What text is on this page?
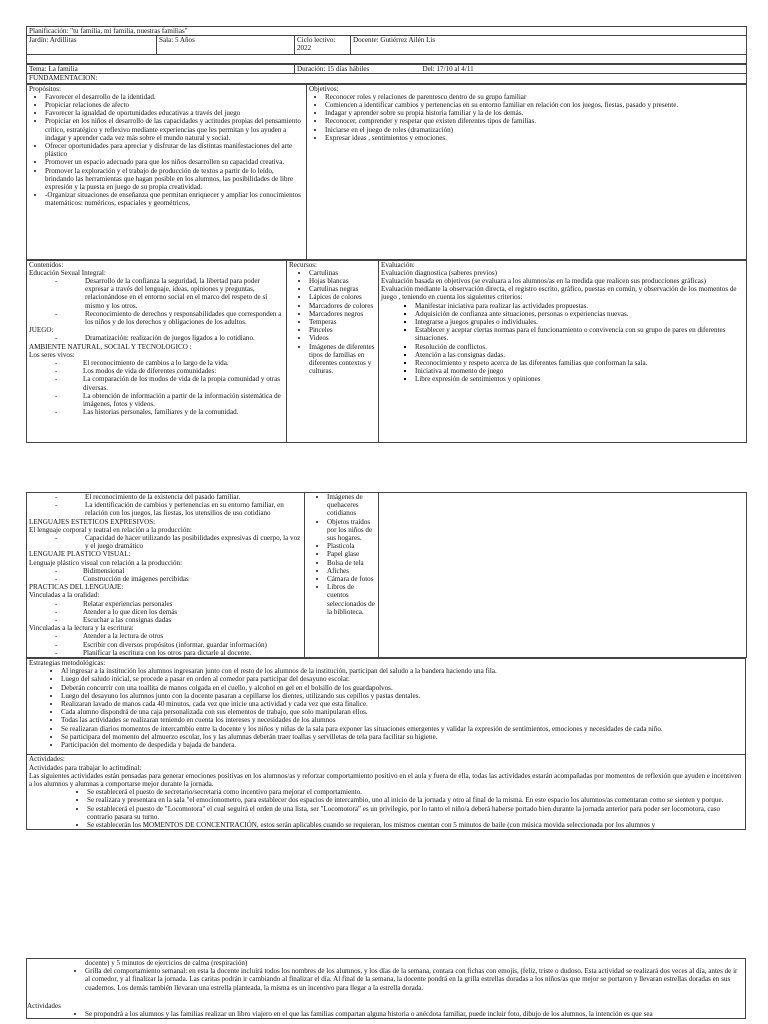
Planificación: "tu familia, mi familia, nuestras familias"
Jardín: Ardillitas	Sala: 5 Años	Ciclo lectivo: 2022	Docente: Gutiérrez Ailén Lis

Tema: La familia	Duración: 15 días hábiles	Del: 17/10 al 4/11
FUNDAMENTACION:
Propósitos:
• Favorecer el desarrollo de la identidad.
• Propiciar relaciones de afecto
• Favorecer la igualdad de oportunidades educativas a través del juego
• Propiciar en los niños el desarrollo de las capacidades y actitudes propias del pensamiento crítico, estratégico y reflexivo mediante experiencias que les permitan y los ayuden a indagar y aprender cada vez más sobre el mundo natural y social.
• Ofrecer oportunidades para apreciar y disfrutar de las distintas manifestaciones del arte plástico
• Promover un espacio adecuado para que los niños desarrollen su capacidad creativa.
• Promover la exploración y el trabajo de producción de textos a partir de lo leído, brindando las herramientas que hagan posible en los alumnos, las posibilidades de libre expresión y la puesta en juego de su propia creatividad.
• -Organizar situaciones de enseñanza que permitan enriquecer y ampliar los conocimientos matemáticos: numéricos, espaciales y geométricos,

Objetivos:
• Reconocer roles y relaciones de parentesco dentro de su grupo familiar
• Comiencen a identificar cambios y pertenencias en su entorno familiar en relación con los juegos, fiestas, pasado y presente.
• Indagar y aprender sobre su propia historia familiar y la de los demás.
• Reconocer, comprender y respetar que existen diferentes tipos de familias.
• Iniciarse en el juego de roles (dramatización)
• Expresar ideas , sentimientos y emociones.
Contenidos:
Educación Sexual Integral:
- Desarrollo de la confianza la seguridad, la libertad para poder expresar a través del lenguaje, ideas, opiniones y preguntas, relacionándose en el entorno social en el marco del respeto de sí mismo y los otros.
- Reconocimiento de derechos y responsabilidades que corresponden a los niños y de los derechos y obligaciones de los adultos.
JUEGO:
- Dramatización: realización de juegos ligados a lo cotidiano.
AMBIENTE NATURAL, SOCIAL Y TECNOLOGICO :
Los seres vivos:
- El reconocimiento de cambios a lo largo de la vida.
- Los modos de vida de diferentes comunidades:
- La comparación de los modos de vida de la propia comunidad y otras diversas.
- La obtención de información a partir de la información sistemática de imágenes, fotos y videos.
- Las historias personales, familiares y de la comunidad.

Recursos:
• Cartulinas
• Hojas blancas
• Cartulinas negras
• Lápices de colores
• Marcadores de colores
• Marcadores negros
• Temperas
• Pinceles
• Videos
• Imágenes de diferentes tipos de familias en diferentes contextos y culturas.

Evaluación:
Evaluación diagnostica (saberes previos)
Evaluación basada en objetivos (se evaluara a los alumnos/as en la medida que realicen sus producciones gráficas)
Evaluación mediante la observación directa, el registro escrito, gráfico, puestas en común, y observación de los momentos de juego , teniendo en cuenta los siguientes criterios:
▪ Manifestar iniciativa para realizar las actividades propuestas.
▪ Adquisición de confianza ante situaciones, personas o experiencias nuevas.
▪ Integrarse a juegos grupales o individuales.
▪ Establecer y aceptar ciertas normas para el funcionamiento o convivencia con su grupo de pares en diferentes situaciones.
▪ Resolución de conflictos.
▪ Atención a las consignas dadas.
▪ Reconocimiento y respeto acerca de las diferentes familias que conforman la sala.
▪ Iniciativa al momento de juego
▪ Libre expresión de sentimientos y opiniones
- El reconocimiento de la existencia del pasado familiar.
- La identificación de cambios y pertenencias en su entorno familiar, en relación con los juegos, las fiestas, los utensilios de uso cotidiano
LENGUAJES ESTETICOS EXPRESIVOS:
El lenguaje corporal y teatral en relación a la producción:
- Capacidad de hacer utilizando las posibilidades expresivas di cuerpo, la voz y el juego dramático
LENGUAJE PLASTICO VISUAL:
Lenguaje plástico visual con relación a la producción:
- Bidimensional
- Construcción de imágenes percibidas
PRACTICAS DEL LENGUAJE:
Vinculadas a la oralidad:
- Relatar experiencias personales
- Atender a lo que dicen los demás
- Escuchar a las consignas dadas
Vinculadas a la lectura y la escritura:
- Atender a la lectura de otros
- Escribir con diversos propósitos (informar, guardar información)
- Planificar la escritura con los otros para dictarle al docente.

• Imágenes de quehaceres cotidianos
• Objetos traídos por los niños de sus hogares.
• Plasticola
• Papel glase
• Bolsa de tela
• Afiches
• Cámara de fotos
• Libros de cuentos seleccionados de la biblioteca.

Estrategias metodológicas:
• Al ingresar a la institución los alumnos ingresaran junto con el resto de los alumnos de la institución, participan del saludo a la bandera haciendo una fila.
• Luego del saludo inicial, se procede a pasar en orden al comedor para participar del desayuno escolar.
• Deberán concurrir con una toallita de manos colgada en el cuello, y alcohol en gel en el bolsillo de los guardapolvos.
• Luego del desayuno los alumnos junto con la docente pasaran a cepillarse los dientes, utilizando sus cepillos y pastas dentales.
• Realizaran lavado de manos cada 40 minutos, cada vez que inicie una actividad y cada vez que esta finalice.
• Cada alumno dispondrá de una caja personalizada con sus elementos de trabajo, que solo manipularan ellos.
• Todas las actividades se realizaran teniendo en cuenta los intereses y necesidades de los alumnos
• Se realizaran diarios momentos de intercambio entre la docente y los niños y niñas de la sala para exponer las situaciones emergentes y validar la expresión de sentimientos, emociones y necesidades de cada niño.
• Se participara del momento del almuerzo escolar, los y las alumnas deberán traer toallas y servilletas de tela para facilitar su higiene.
• Participación del momento de despedida y bajada de bandera.

Actividades:
Actividades para trabajar lo actitudinal:
Las siguientes actividades están pensadas para generar emociones positivas en los alumnos/as y reforzar comportamiento positivo en el aula y fuera de ella, todas las actividades estarán acompañadas por momentos de reflexión que ayuden e incentiven a los alumnos y alumnas a comportarse mejor durante la jornada.
• Se establecerá el puesto de secretario/secretaria como incentivo para mejorar el comportamiento.
• Se realizara y presentara en la sala "el emocionometro, para establecer dos espacios de intercambio, uno al inicio de la jornada y otro al final de la misma. En este espacio los alumnos/as comentaran como se sienten y porque.
• Se establecerá el puesto de "Locomotora" el cual seguirá el orden de una lista, ser "Locomotora" es un privilegio, por lo tanto el niño/a deberá haberse portado bien durante la jornada anterior para poder ser locomotora, caso contrario pasara su turno.
• Se establecerán los MOMENTOS DE CONCENTRACIÓN, estos serán aplicables cuando se requieran, los mismos cuentan con 5 minutos de baile (con música movida seleccionada por los alumnos y
docente) y 5 minutos de ejercicios de calma (respiración)
• Grilla del comportamiento semanal: en esta la docente incluirá todos los nombres de los alumnos, y los días de la semana, contara con fichas con emojis, (feliz, triste o dudoso. Esta actividad se realizará dos veces al día, antes de ir al comedor, y al finalizar la jornada. Las caritas podrán ir cambiando al finalizar el día. Al final de la semana, la docente pondrá en la grilla estrellas doradas a los niños/as que mejor se portaron y llevaran estrellas doradas en sus cuadernos. Los demás también llevaran una estrella planteada, la misma es un incentivo para llegar a la estrella dorada.
Actividades
• Se propondrá a los alumnos y las familias realizar un libro viajero en el que las familias compartan alguna historia o anécdota familiar, puede incluir foto, dibujo de los alumnos, la intención es que sea
